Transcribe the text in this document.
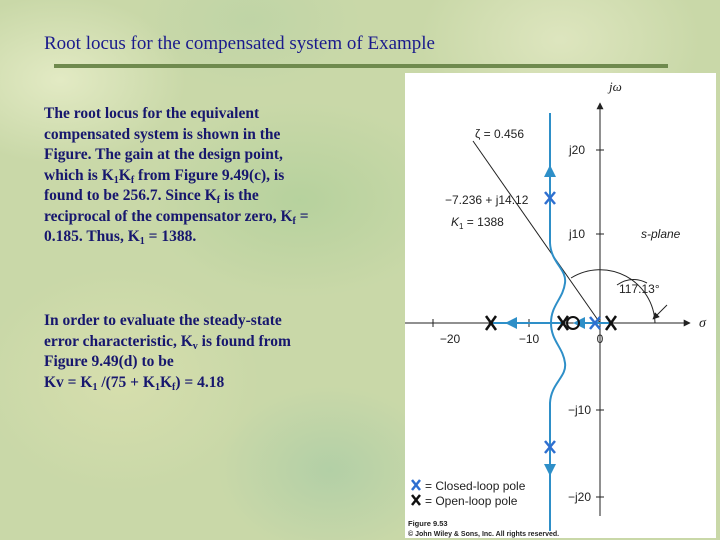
Root locus for the compensated system of Example
The root locus for the equivalent
compensated system is shown in the
Figure. The gain at the design point,
which is $K_1K_f$ from Figure 9.49(c), is
found to be 256.7. Since $K_f$ is the
reciprocal of the compensator zero, $K_f$ =
0.185. Thus, $K_1 = 1388$.
In order to evaluate the steady-state
error characteristic, $K_v$ is found from
Figure 9.49(d) to be
$Kv = K_1$ $/(75 + K_1K_f) = 4.18$
jω
σ
ζ = 0.456
−7.236 + j14.12
$K_1 = 1388$
s-plane
117.13°
j20
j10
−j10
−j20
−20	−10	0
= Closed-loop pole
= Open-loop pole
Figure 9.53
© John Wiley & Sons, Inc. All rights reserved.
